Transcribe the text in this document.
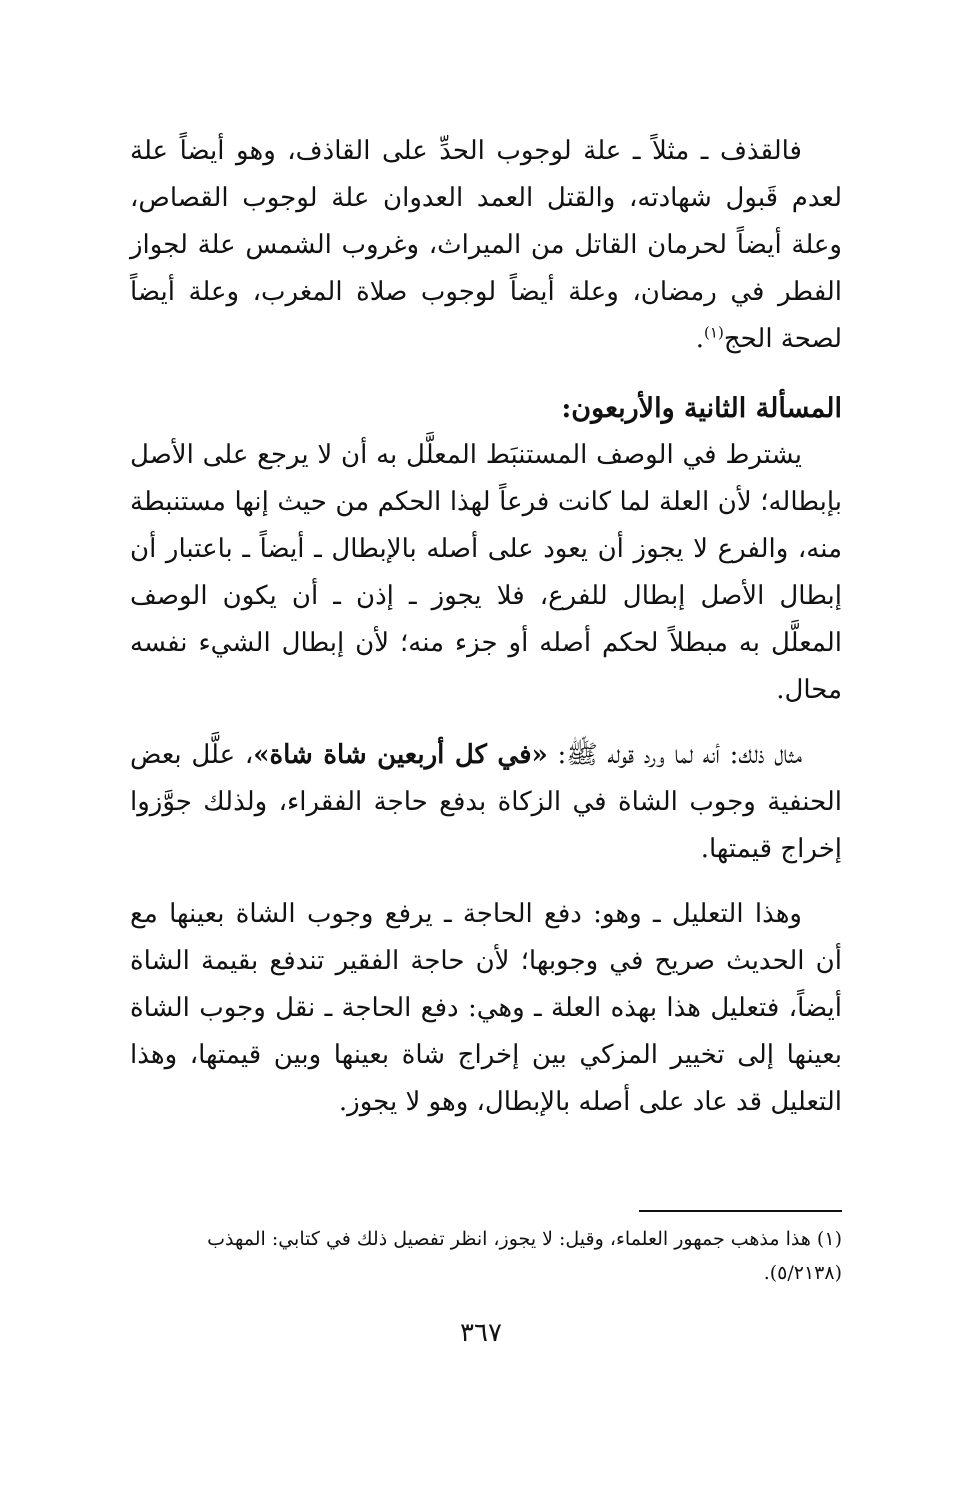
فالقذف ـ مثلاً ـ علة لوجوب الحدِّ على القاذف، وهو أيضاً علة لعدم قَبول شهادته، والقتل العمد العدوان علة لوجوب القصاص، وعلة أيضاً لحرمان القاتل من الميراث، وغروب الشمس علة لجواز الفطر في رمضان، وعلة أيضاً لوجوب صلاة المغرب، وعلة أيضاً لصحة الحج$^{(١)}$.

المسألة الثانية والأربعون:

يشترط في الوصف المستنبَط المعلَّل به أن لا يرجع على الأصل بإبطاله؛ لأن العلة لما كانت فرعاً لهذا الحكم من حيث إنها مستنبطة منه، والفرع لا يجوز أن يعود على أصله بالإبطال ـ أيضاً ـ باعتبار أن إبطال الأصل إبطال للفرع، فلا يجوز ـ إذن ـ أن يكون الوصف المعلَّل به مبطلاً لحكم أصله أو جزء منه؛ لأن إبطال الشيء نفسه محال.

مثال ذلك: أنه لما ورد قوله ﷺ: «في كل أربعين شاة شاة»، علَّل بعض الحنفية وجوب الشاة في الزكاة بدفع حاجة الفقراء، ولذلك جوَّزوا إخراج قيمتها.

وهذا التعليل ـ وهو: دفع الحاجة ـ يرفع وجوب الشاة بعينها مع أن الحديث صريح في وجوبها؛ لأن حاجة الفقير تندفع بقيمة الشاة أيضاً، فتعليل هذا بهذه العلة ـ وهي: دفع الحاجة ـ نقل وجوب الشاة بعينها إلى تخيير المزكي بين إخراج شاة بعينها وبين قيمتها، وهذا التعليل قد عاد على أصله بالإبطال، وهو لا يجوز.

(١) هذا مذهب جمهور العلماء، وقيل: لا يجوز، انظر تفصيل ذلك في كتابي: المهذب (٥/٢١٣٨).

٣٦٧
